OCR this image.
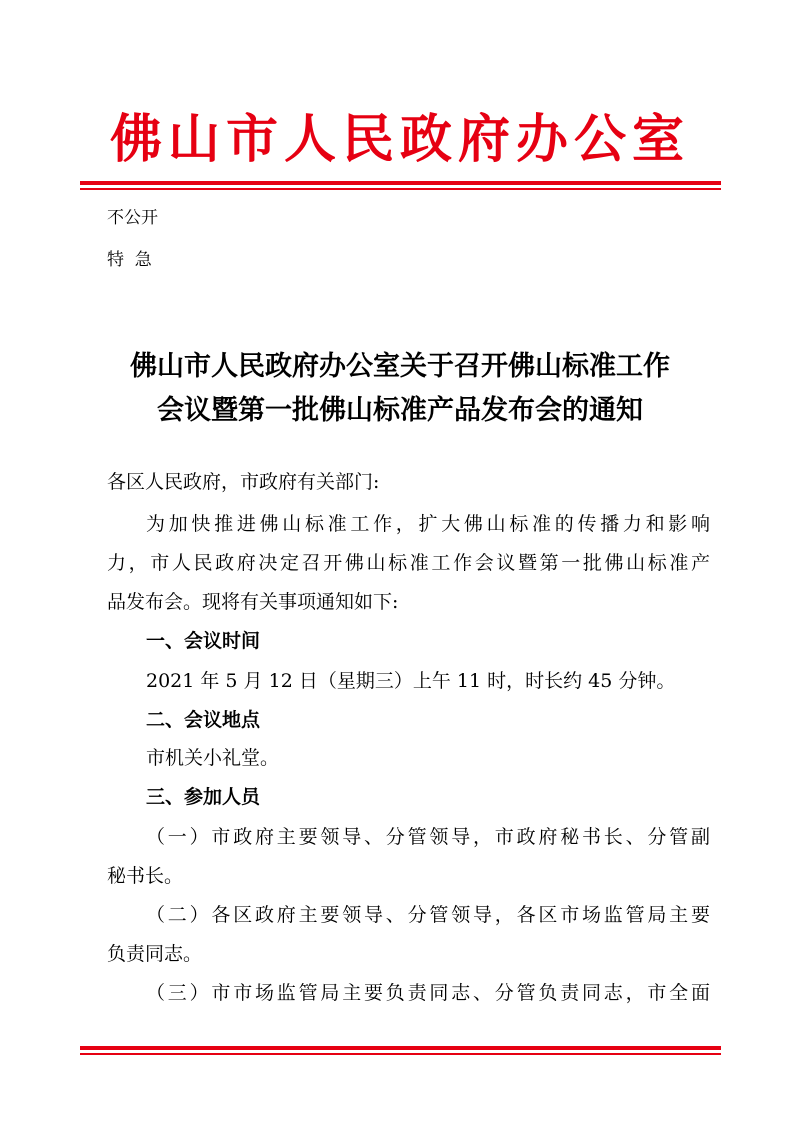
佛山市人民政府办公室
不公开
特  急
佛山市人民政府办公室关于召开佛山标准工作
会议暨第一批佛山标准产品发布会的通知
各区人民政府，市政府有关部门:
为加快推进佛山标准工作，扩大佛山标准的传播力和影响
力，市人民政府决定召开佛山标准工作会议暨第一批佛山标准产
品发布会。现将有关事项通知如下:
一、会议时间
2021 年 5 月 12 日（星期三）上午 11 时，时长约 45 分钟。
二、会议地点
市机关小礼堂。
三、参加人员
（一）市政府主要领导、分管领导，市政府秘书长、分管副
秘书长。
（二）各区政府主要领导、分管领导，各区市场监管局主要
负责同志。
（三）市市场监管局主要负责同志、分管负责同志，市全面
